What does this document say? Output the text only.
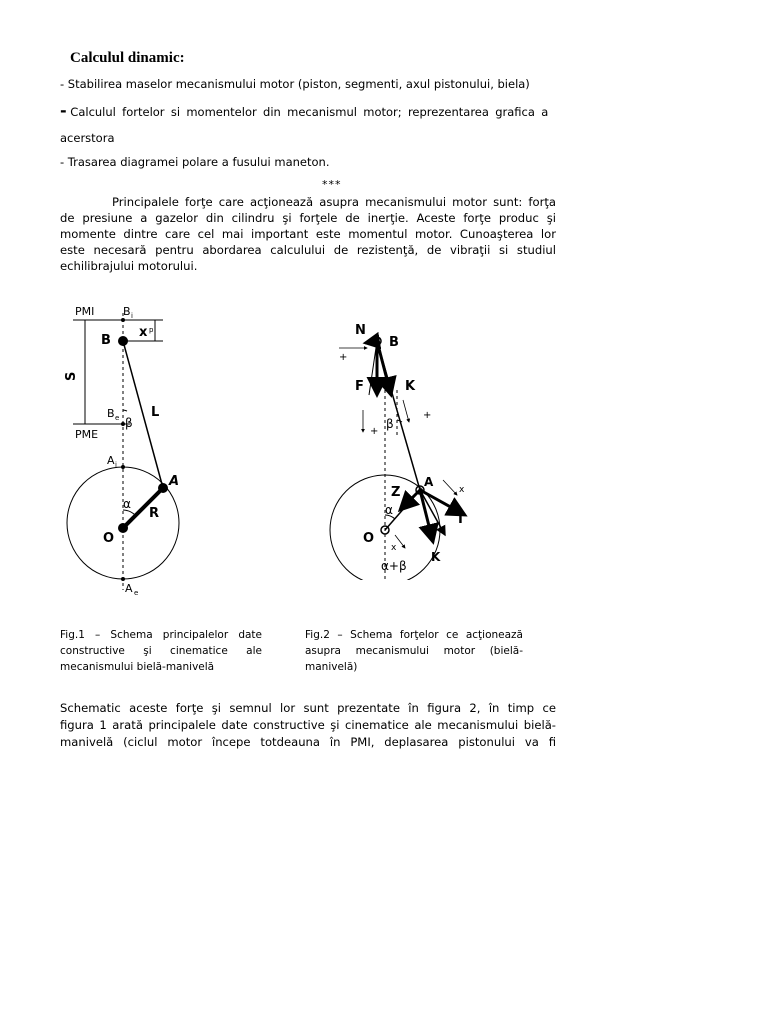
Calculul dinamic:
- Stabilirea maselor mecanismului motor (piston, segmenti, axul pistonului, biela)
- Calculul fortelor si momentelor din mecanismul motor; reprezentarea grafica a
acerstora
- Trasarea diagramei polare a fusului maneton.
***
Principalele forţe care acţionează asupra mecanismului motor sunt: forţa
de presiune a gazelor din cilindru şi forţele de inerţie. Aceste forţe produc şi
momente dintre care cel mai important este momentul motor. Cunoaşterea lor
este necesară pentru abordarea calculului de rezistenţă, de vibraţii si studiul
echilibrajului motorului.
PMI	B i
B
x p
S
B e β
L
PME
A i
A
α
R
O
A e
N
B
F	K
β
A
Z
T
O
α
K
α+β
+
+
+
x
x
Fig.1 – Schema principalelor date
constructive şi cinematice ale
mecanismului bielă-manivelă
Fig.2 – Schema forţelor ce acţionează
asupra mecanismului motor (bielă-
manivelă)
Schematic aceste forţe şi semnul lor sunt prezentate în figura 2, în timp ce
figura 1 arată principalele date constructive şi cinematice ale mecanismului bielă-
manivelă (ciclul motor începe totdeauna în PMI, deplasarea pistonului va fi
